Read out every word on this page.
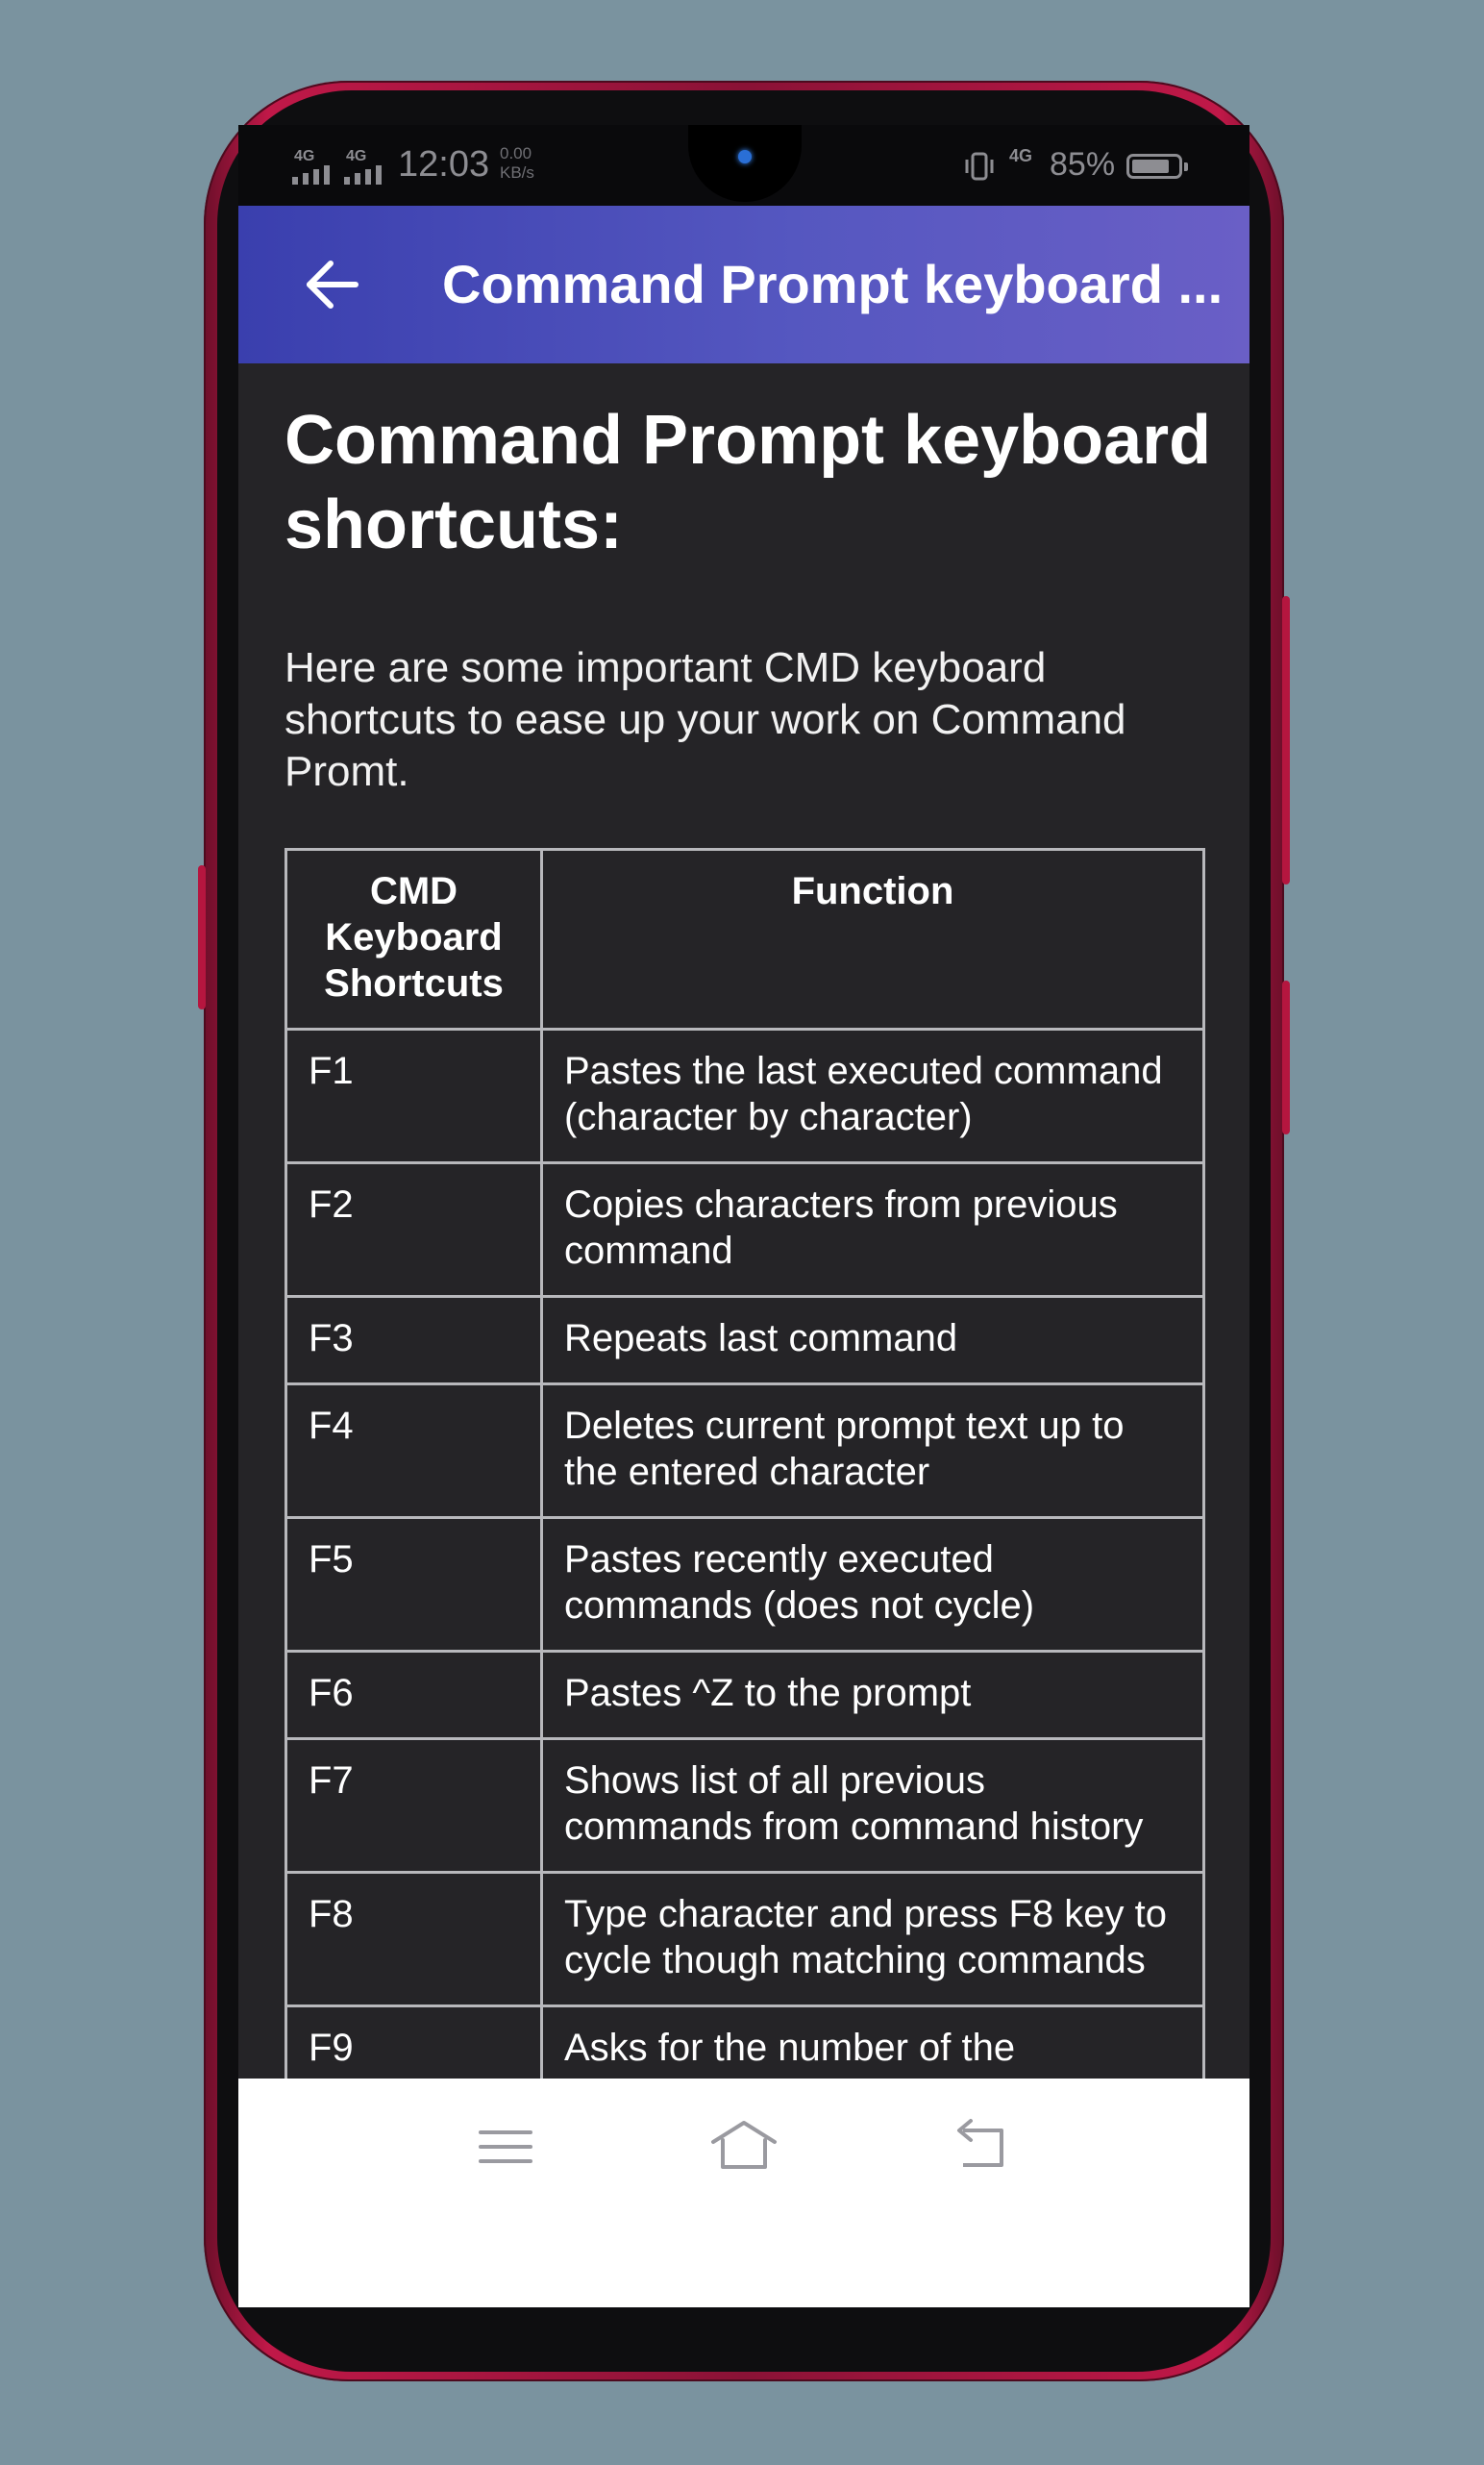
4G 4G 12:03 0.00
KB/s
4G 85%
Command Prompt keyboard ...
Command Prompt keyboard shortcuts:

Here are some important CMD keyboard shortcuts to ease up your work on Command Promt.

CMD Keyboard Shortcuts	Function
F1	Pastes the last executed command (character by character)
F2	Copies characters from previous command
F3	Repeats last command
F4	Deletes current prompt text up to the entered character
F5	Pastes recently executed commands (does not cycle)
F6	Pastes ^Z to the prompt
F7	Shows list of all previous commands from command history
F8	Type character and press F8 key to cycle though matching commands
F9	Asks for the number of the
